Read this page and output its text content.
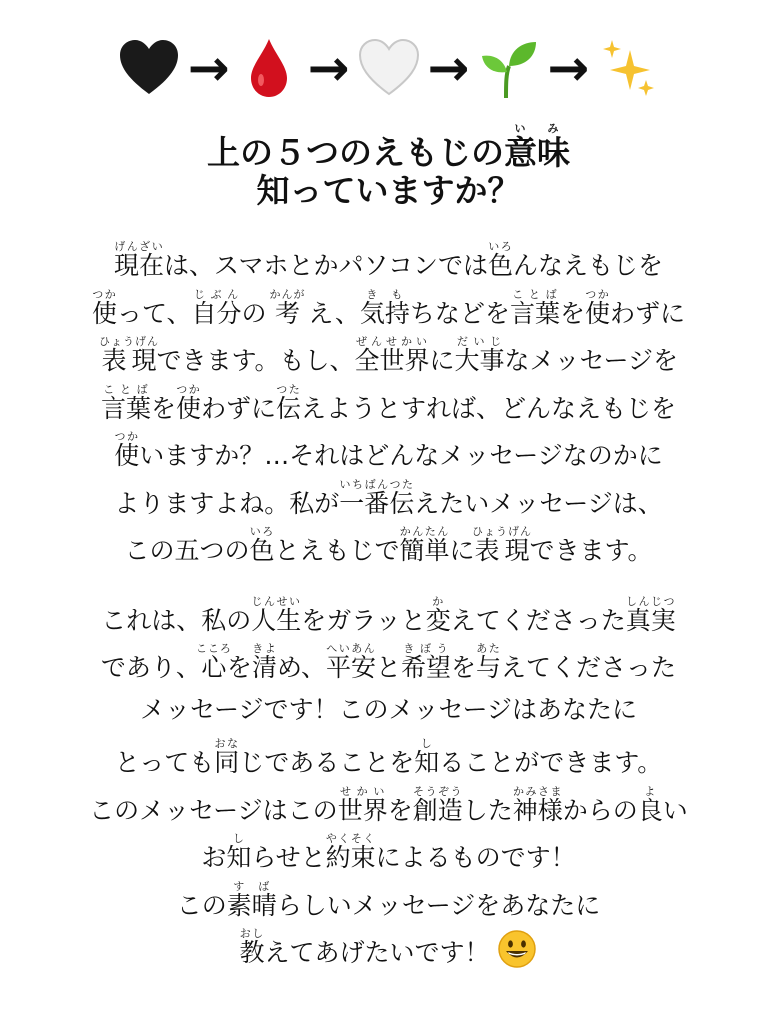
→ → → →
上の５つのえもじの意味いみ
知っていますか？
現在げんざいは、スマホとかパソコンでは色いろんなえもじを
使つかって、自分じぶんの 考かんが え、気持きもちなどを言葉ことばを使つかわずに
表現ひょうげんできます。もし、全世界ぜんせかいに大事だいじなメッセージを
言葉ことばを使つかわずに伝つたえようとすれば、どんなえもじを
使つかいますか？…それはどんなメッセージなのかに
よりますよね。私が一番伝いちばんつたえたいメッセージは、
この五つの色いろとえもじで簡単かんたんに表現ひょうげんできます。
これは、私の人生じんせいをガラッと変かえてくださった真実しんじつ
であり、心こころを清きよめ、平安へいあんと希望きぼうを与あたえてくださった
メッセージです！このメッセージはあなたに
とっても同おなじであることを知しることができます。
このメッセージはこの世界せかいを創造そうぞうした神様かみさまからの良よい
お知しらせと約束やくそくによるものです！
この素晴すばらしいメッセージをあなたに
教おしえてあげたいです！
